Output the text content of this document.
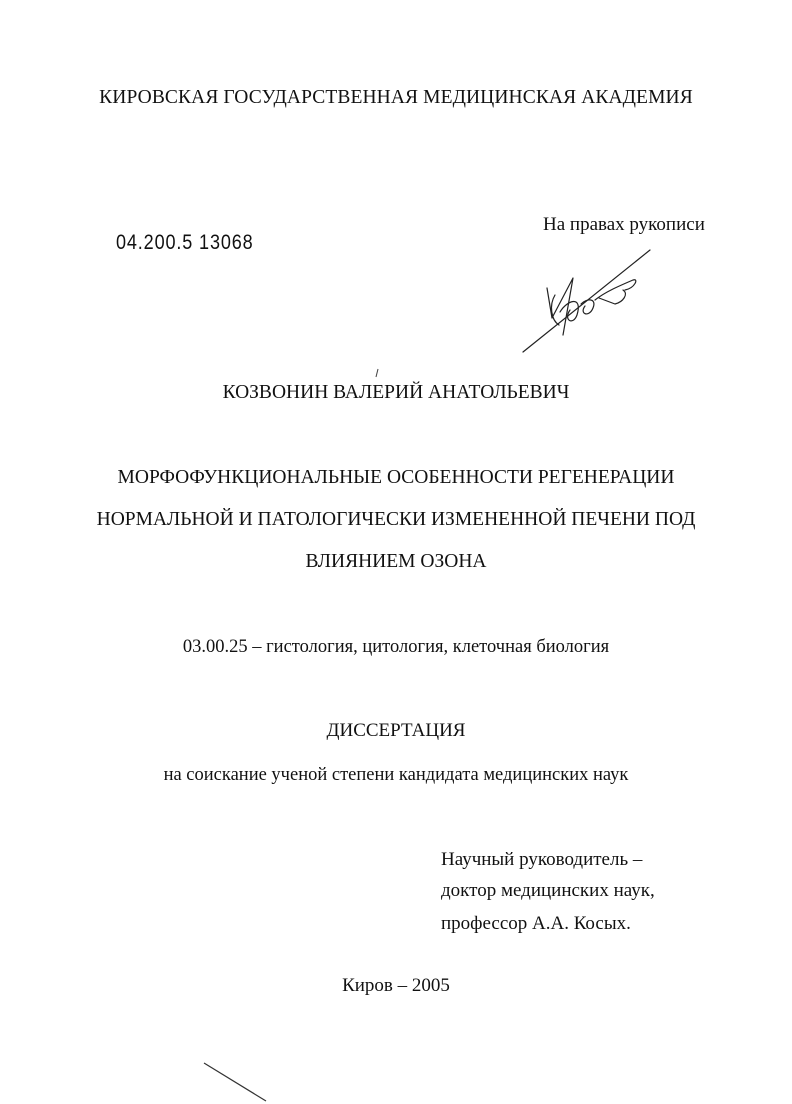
КИРОВСКАЯ ГОСУДАРСТВЕННАЯ МЕДИЦИНСКАЯ АКАДЕМИЯ
04.200.5 13068
На правах рукописи
КОЗВОНИН ВАЛЕРИЙ АНАТОЛЬЕВИЧ
МОРФОФУНКЦИОНАЛЬНЫЕ ОСОБЕННОСТИ РЕГЕНЕРАЦИИ
НОРМАЛЬНОЙ И ПАТОЛОГИЧЕСКИ ИЗМЕНЕННОЙ ПЕЧЕНИ ПОД
ВЛИЯНИЕМ ОЗОНА
03.00.25 – гистология, цитология, клеточная биология
ДИССЕРТАЦИЯ
на соискание ученой степени кандидата медицинских наук
Научный руководитель –
доктор медицинских наук,
профессор А.А. Косых.
Киров – 2005
